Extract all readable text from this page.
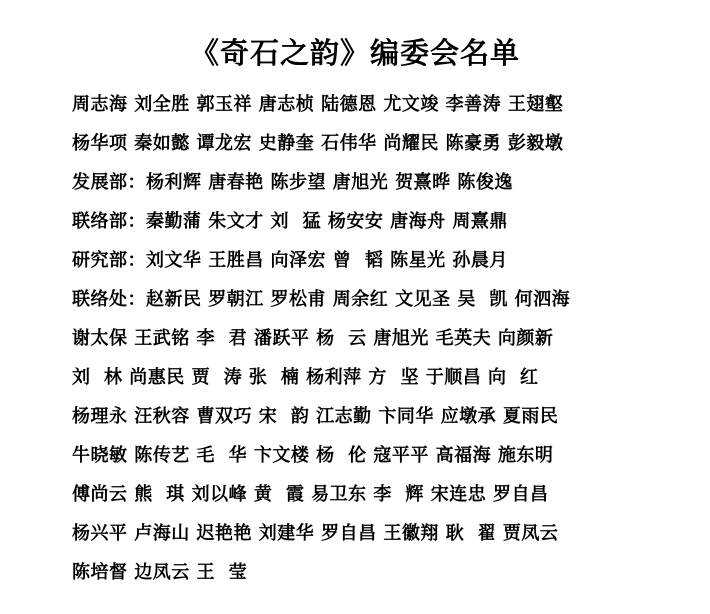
《奇石之韵》编委会名单
周志海 刘全胜 郭玉祥 唐志桢 陆德恩 尤文竣 李善涛 王翅壑
杨华项 秦如懿 谭龙宏 史静奎 石伟华 尚耀民 陈豪勇 彭毅墩
发展部：杨利辉 唐春艳 陈步望 唐旭光 贺熹晔 陈俊逸
联络部：秦勤蒲 朱文才 刘  猛 杨安安 唐海舟 周熹鼎
研究部：刘文华 王胜昌 向泽宏 曾  韬 陈星光 孙晨月
联络处：赵新民 罗朝江 罗松甫 周余红 文见圣 吴  凯 何泗海
谢太保 王武铭 李  君 潘跃平 杨  云 唐旭光 毛英夫 向颜新
刘  林 尚惠民 贾  涛 张  楠 杨利萍 方  坚 于顺昌 向  红
杨理永 汪秋容 曹双巧 宋  韵 江志勤 卞同华 应墩承 夏雨民
牛晓敏 陈传艺 毛  华 卞文楼 杨  伦 寇平平 高福海 施东明
傅尚云 熊  琪 刘以峰 黄  霞 易卫东 李  辉 宋连忠 罗自昌
杨兴平 卢海山 迟艳艳 刘建华 罗自昌 王徽翔 耿  翟 贾凤云
陈培督 边凤云 王  莹
